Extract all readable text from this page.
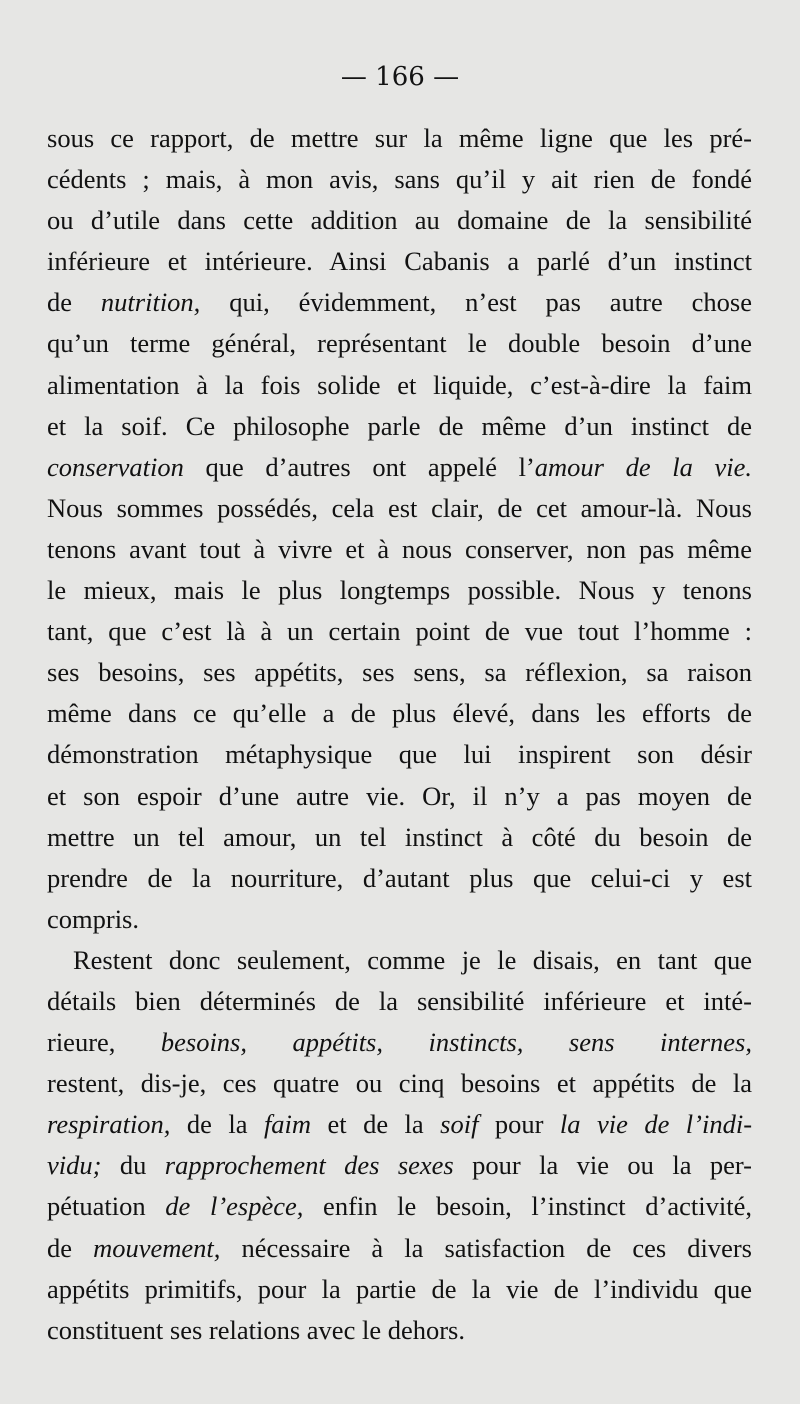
— 166 —
sous ce rapport, de mettre sur la même ligne que les pré-
cédents ; mais, à mon avis, sans qu’il y ait rien de fondé
ou d’utile dans cette addition au domaine de la sensibilité
inférieure et intérieure. Ainsi Cabanis a parlé d’un instinct
de nutrition, qui, évidemment, n’est pas autre chose
qu’un terme général, représentant le double besoin d’une
alimentation à la fois solide et liquide, c’est-à-dire la faim
et la soif. Ce philosophe parle de même d’un instinct de
conservation que d’autres ont appelé l’amour de la vie.
Nous sommes possédés, cela est clair, de cet amour-là. Nous
tenons avant tout à vivre et à nous conserver, non pas même
le mieux, mais le plus longtemps possible. Nous y tenons
tant, que c’est là à un certain point de vue tout l’homme :
ses besoins, ses appétits, ses sens, sa réflexion, sa raison
même dans ce qu’elle a de plus élevé, dans les efforts de
démonstration métaphysique que lui inspirent son désir
et son espoir d’une autre vie. Or, il n’y a pas moyen de
mettre un tel amour, un tel instinct à côté du besoin de
prendre de la nourriture, d’autant plus que celui-ci y est
compris.
Restent donc seulement, comme je le disais, en tant que
détails bien déterminés de la sensibilité inférieure et inté-
rieure, besoins, appétits, instincts, sens internes,
restent, dis-je, ces quatre ou cinq besoins et appétits de la
respiration, de la faim et de la soif pour la vie de l’indi-
vidu; du rapprochement des sexes pour la vie ou la per-
pétuation de l’espèce, enfin le besoin, l’instinct d’activité,
de mouvement, nécessaire à la satisfaction de ces divers
appétits primitifs, pour la partie de la vie de l’individu que
constituent ses relations avec le dehors.
